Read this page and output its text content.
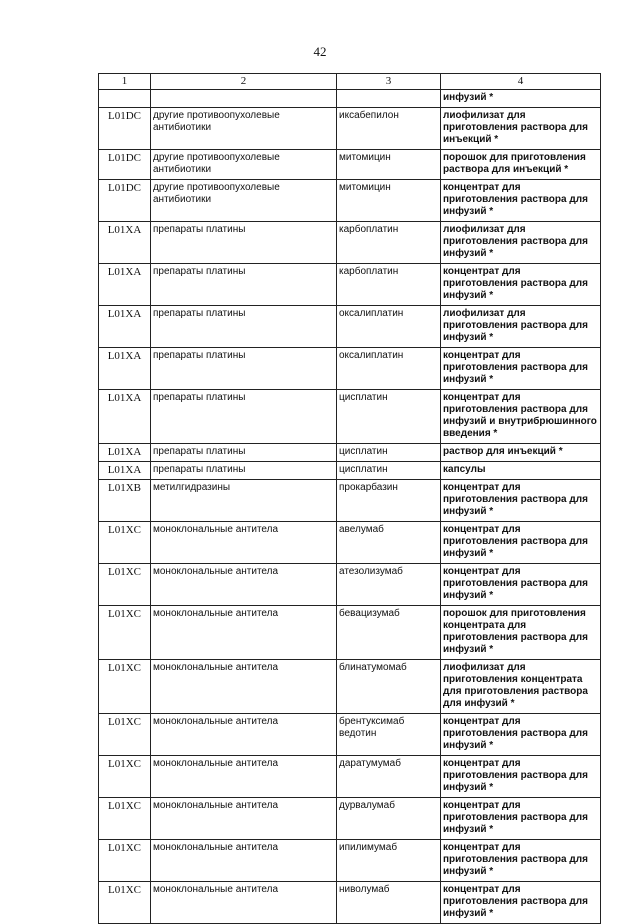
42
1	2	3	4
			инфузий *
L01DC	другие противоопухолевые антибиотики	иксабепилон	лиофилизат для приготовления раствора для инъекций *
L01DC	другие противоопухолевые антибиотики	митомицин	порошок для приготовления раствора для инъекций *
L01DC	другие противоопухолевые антибиотики	митомицин	концентрат для приготовления раствора для инфузий *
L01XA	препараты платины	карбоплатин	лиофилизат для приготовления раствора для инфузий *
L01XA	препараты платины	карбоплатин	концентрат для приготовления раствора для инфузий *
L01XA	препараты платины	оксалиплатин	лиофилизат для приготовления раствора для инфузий *
L01XA	препараты платины	оксалиплатин	концентрат для приготовления раствора для инфузий *
L01XA	препараты платины	цисплатин	концентрат для приготовления раствора для инфузий и внутрибрюшинного введения *
L01XA	препараты платины	цисплатин	раствор для инъекций *
L01XA	препараты платины	цисплатин	капсулы
L01XB	метилгидразины	прокарбазин	концентрат для приготовления раствора для инфузий *
L01XC	моноклональные антитела	авелумаб	концентрат для приготовления раствора для инфузий *
L01XC	моноклональные антитела	атезолизумаб	концентрат для приготовления раствора для инфузий *
L01XC	моноклональные антитела	бевацизумаб	порошок для приготовления концентрата для приготовления раствора для инфузий *
L01XC	моноклональные антитела	блинатумомаб	лиофилизат для приготовления концентрата для приготовления раствора для инфузий *
L01XC	моноклональные антитела	брентуксимаб ведотин	концентрат для приготовления раствора для инфузий *
L01XC	моноклональные антитела	даратумумаб	концентрат для приготовления раствора для инфузий *
L01XC	моноклональные антитела	дурвалумаб	концентрат для приготовления раствора для инфузий *
L01XC	моноклональные антитела	ипилимумаб	концентрат для приготовления раствора для инфузий *
L01XC	моноклональные антитела	ниволумаб	концентрат для приготовления раствора для инфузий *
